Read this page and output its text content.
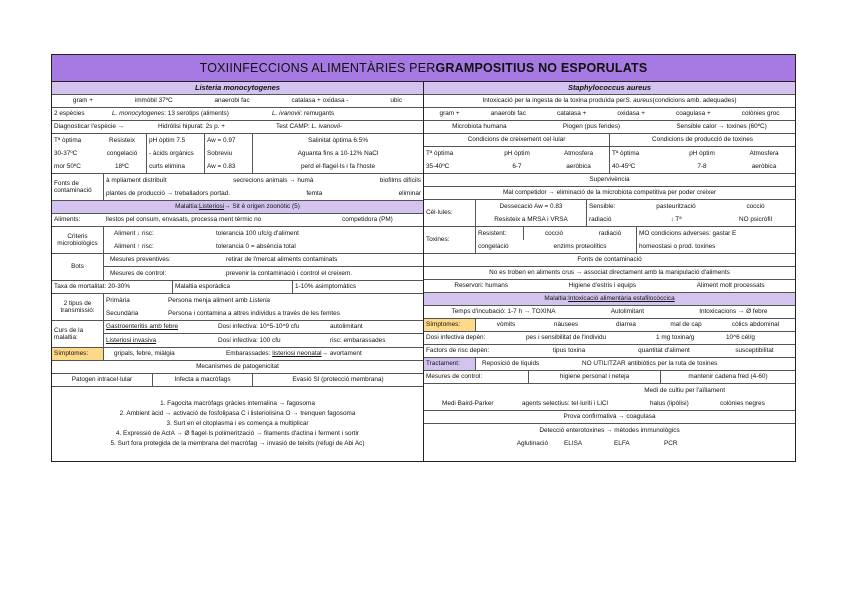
TOXIINFECCIONS ALIMENTÀRIES PER GRAMPOSITIUS NO ESPORULATS
Listeria monocytogenes
gram +	immòbil 37ºC	anaerobi fac	catalasa + oxidasa -	ubic
2 espècies	L. monocytogenes: 13 serotips (aliments)	L. ivanovii: remugants
Diagnosticar l'espècie →	Hidròlisi hipurat: 2s p. +	Test CAMP: L. ivanovii-
Tª òptima	Resisteix	pH òptim 7.5	Aw = 0.97	Salinitat òptima 6.5%
30-37ºC	congelació	- àcids orgànics	Sobreviu	Aguanta fins a 10-12% NaCl
mor 50ºC	18ºC	curts elimina	Aw = 0.83	perd el·flagel·ls i fa l'hoste
Fonts de contaminació
à mpliament distribuït	secrecions animals → humà	biofilms difícils
plantes de producció → treballadors portad.	femta	eliminar
Malaltia: Listeriosi → Sit è origen zoonòtic (5)
Aliments:	llestos pel consum, envasats, processa ment tèrmic no	competidora (PM)
Criteris microbiològics
Aliment ↓ risc:	tolerancia 100 ufc/g d'aliment
Aliment ↑ risc:	tolerancia 0 = absència total
Bots
Mesures preventives:	retirar de l'mercat aliments contaminats
Mesures de control:	prevenir la contaminació i control el creixem.
Taxa de mortalitat: 20-30%	Malaltia esporàdica	1-10% asimptomàtics
2 tipus de transmissió:
Primària	Persona menja aliment amb Listeria
Secundària	Persona i contamina a altres individus a través de les femtes
Curs de la malaltia:
Gastroenteritis amb febre	Dosi infectiva: 10^5-10^9 cfu	autolimitant
Listeriosi invasiva	Dosi infectiva: 100 cfu	risc: embarassades
Símptomes:	gripals, febre, miàlgia	Embarassades: listeriosi neonatal→ avortament
Mecanismes de patogenicitat
Patogen intracel·lular	Infecta a macròfags	Evasió SI (protecció membrana)
1. Fagocita macròfags gràcies internalina → fagosoma
2. Ambient àcid → activació de fosfolipasa C i listeriolisina O → trenquen fagosoma
3. Surt en el citoplasma i es comença a multiplicar
4. Expressió de ActA → Ø flagel·ls polimerització → filaments d'actina i ferment i sortir
5. Surt fora protegida de la membrana del macròfag → invasió de teixits (refugi de Abi Ac)
Staphylococcus aureus
Intoxicació per la ingesta de la toxina produïda per S. aureus (condicions amb. adequades)
gram +	anaerobi fac	catalasa +	oxidasa +	coagulasa +	colònies groc
Microbiota humana	Piogen (pus ferides)	Sensible calor → toxines (60ºC)
Condicions de creixement cel·lular	Condicions de producció de toxines
Tª òptima	pH òptim	Atmosfera	Tª òptima	pH òptim	Atmosfera
35-40ºC	6-7	aeròbica	40-45ºC	7-8	aeròbica
Supervivència
Mal competidor → eliminació de la microbiota competitiva per poder creixer
Cèl·lules:
Dessecació Aw = 0.83	Sensible:	pasteurització	cocció
Resisteix a MRSA i VRSA	radiació	↓ Tª	NO psicròfil
Toxines:
Resistent:	cocció	radiació	MO condicions adverses: gastar E
congelació	enzims proteolítics	homeostasi o prod. toxines
Fonts de contaminació
No es troben en aliments crus → associat directament amb la manipulació d'aliments
Reservori: humans	Higiene d'estris i equips	Aliment molt processats
Malaltia: Intoxicació alimentària estafilocòccica
Temps d'incubació: 1-7 h → TOXINA	Autolimitant	Intoxicacions → Ø febre
Símptomes:	vòmits	nàusees	diarrea	mal de cap	còlics abdominal
Dosi infectiva depèn:	pes i sensibilitat de l'individu	1 mg toxina/g	10^6 cél/g
Factors de risc depèn:	tipus toxina	quantitat d'aliment	susceptibilitat
Tractament:	Reposició de líquids	NO UTILITZAR antibiòtics per la ruta de toxines
Mesures de control:	higiene personal i neteja	mantenir cadena fred (4-60)
Medi de cultiu per l'aïllament
Medi Baird-Parker	agents selectius: tel·luriti i LiCl	halus (lipòlisi)	colònies negres
Prova confirmativa → coagulasa
Detecció enterotoxines → mètodes immunològics
Aglutinació	ELISA	ELFA	PCR
